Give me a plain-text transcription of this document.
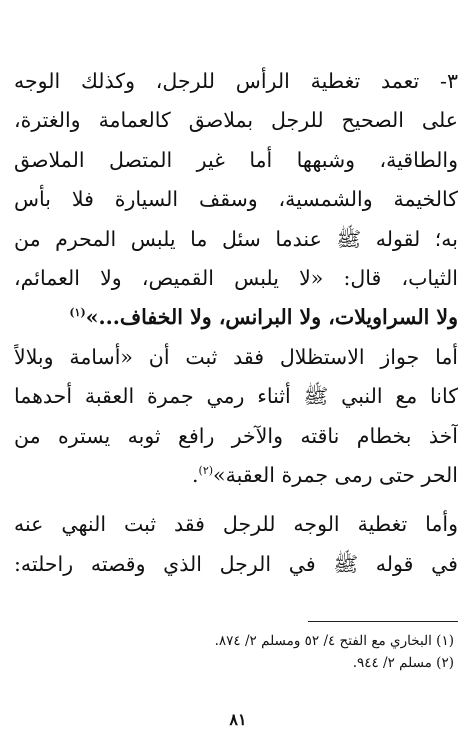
٣- تعمد تغطية الرأس للرجل، وكذلك الوجه
على الصحيح للرجل بملاصق كالعمامة والغترة،
والطاقية، وشبهها أما غير المتصل الملاصق
كالخيمة والشمسية، وسقف السيارة فلا بأس
به؛ لقوله ﷺ عندما سئل ما يلبس المحرم من
الثياب، قال: «لا يلبس القميص، ولا العمائم،
ولا السراويلات، ولا البرانس، ولا الخفاف...»$^{(١)}$
أما جواز الاستظلال فقد ثبت أن «أسامة وبلالاً
كانا مع النبي ﷺ أثناء رمي جمرة العقبة أحدهما
آخذ بخطام ناقته والآخر رافع ثوبه يستره من
الحر حتى رمى جمرة العقبة»$^{(٢)}$.
وأما تغطية الوجه للرجل فقد ثبت النهي عنه
في قوله ﷺ في الرجل الذي وقصته راحلته:
(١) البخاري مع الفتح ٤/ ٥٢ ومسلم ٢/ ٨٧٤.
(٢) مسلم ٢/ ٩٤٤.
٨١
